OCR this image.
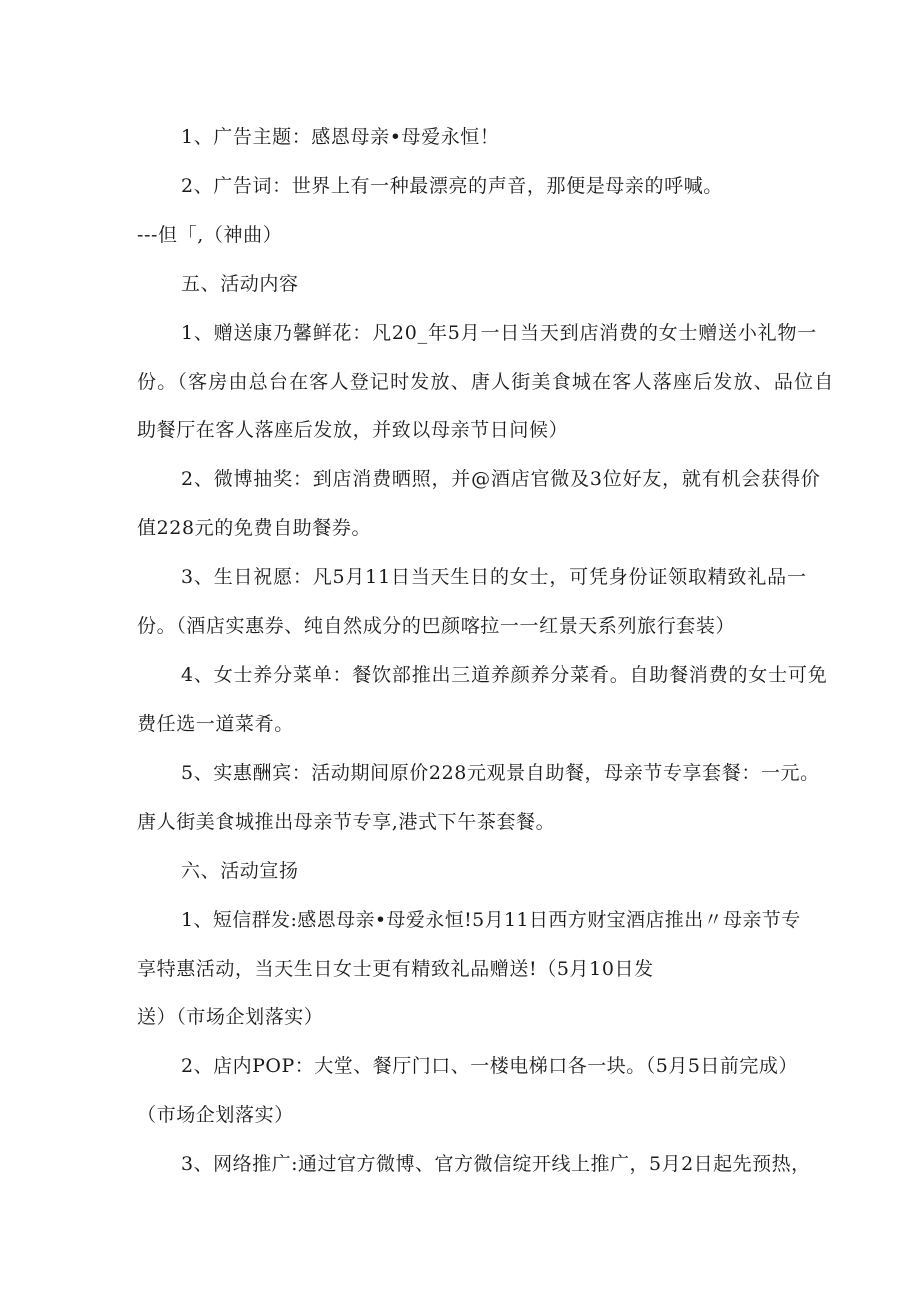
1、广告主题：感恩母亲•母爱永恒！
2、广告词：世界上有一种最漂亮的声音，那便是母亲的呼喊。
---但「,（神曲）
五、活动内容
1、赠送康乃馨鲜花：凡20_年5月一日当天到店消费的女士赠送小礼物一
份。（客房由总台在客人登记时发放、唐人街美食城在客人落座后发放、品位自
助餐厅在客人落座后发放，并致以母亲节日问候）
2、微博抽奖：到店消费晒照，并@酒店官微及3位好友，就有机会获得价
值228元的免费自助餐券。
3、生日祝愿：凡5月11日当天生日的女士，可凭身份证领取精致礼品一
份。（酒店实惠券、纯自然成分的巴颜喀拉一一红景天系列旅行套装）
4、女士养分菜单：餐饮部推出三道养颜养分菜肴。自助餐消费的女士可免
费任选一道菜肴。
5、实惠酬宾：活动期间原价228元观景自助餐，母亲节专享套餐：一元。
唐人街美食城推出母亲节专享,港式下午茶套餐。
六、活动宣扬
1、短信群发:感恩母亲•母爱永恒!5月11日西方财宝酒店推出〃母亲节专
享特惠活动，当天生日女士更有精致礼品赠送!（5月10日发
送）（市场企划落实）
2、店内POP：大堂、餐厅门口、一楼电梯口各一块。（5月5日前完成）
（市场企划落实）
3、网络推广:通过官方微博、官方微信绽开线上推广，5月2日起先预热，
